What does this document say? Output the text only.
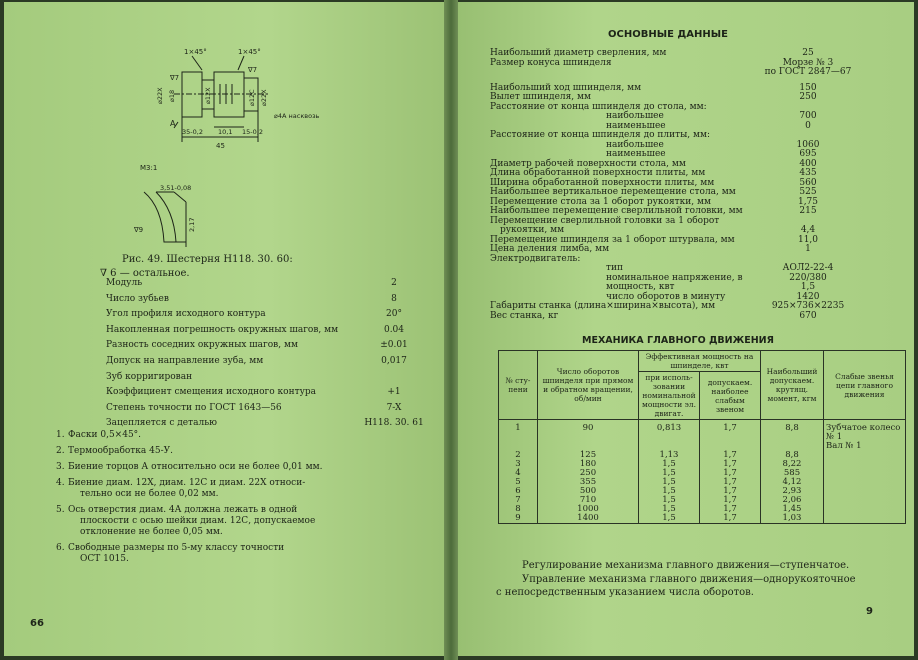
1×45°	1×45°
∇7
∇7
⌀22X ⌀18	⌀12X	⌀12C ⌀22X
A
35-0,2 10,1 15-0,2
45
⌀4A насквозь
M3:1
3,51-0,08
2,17
∇9
Рис. 49. Шестерня Н118. 30. 60:
∇ 6 — остальное.
Модуль	2
Число зубьев	8
Угол профиля исходного контура	20°
Накопленная погрешность окружных шагов, мм	0.04
Разность соседних окружных шагов, мм	±0.01
Допуск на направление зуба, мм	0,017
Зуб корригирован
Коэффициент смещения исходного контура	+1
Степень точности по ГОСТ 1643—56	7-X
Зацепляется с деталью	Н118. 30. 61
1. Фаски 0,5×45°.
2. Термообработка 45-У.
3. Биение торцов А относительно оси не более 0,01 мм.
4. Биение диам. 12X, диам. 12C и диам. 22X относи-
тельно оси не более 0,02 мм.
5. Ось отверстия диам. 4А должна лежать в одной
плоскости с осью шейки диам. 12С, допускаемое
отклонение не более 0,05 мм.
6. Свободные размеры по 5-му классу точности
ОСТ 1015.
66
ОСНОВНЫЕ ДАННЫЕ
Наибольший диаметр сверления, мм	25
Размер конуса шпинделя	Морзе № 3
по ГОСТ 2847—67
Наибольший ход шпинделя, мм	150
Вылет шпинделя, мм	250
Расстояние от конца шпинделя до стола, мм:
наибольшее	700
наименьшее	0
Расстояние от конца шпинделя до плиты, мм:
наибольшее	1060
наименьшее	695
Диаметр рабочей поверхности стола, мм	400
Длина обработанной поверхности плиты, мм	435
Ширина обработанной поверхности плиты, мм	560
Наибольшее вертикальное перемещение стола, мм	525
Перемещение стола за 1 оборот рукоятки, мм	1,75
Наибольшее перемещение сверлильной головки, мм	215
Перемещение сверлильной головки за 1 оборот
рукоятки, мм	4,4
Перемещение шпинделя за 1 оборот штурвала, мм	11,0
Цена деления лимба, мм	1
Электродвигатель:
тип	АОЛ2-22-4
номинальное напряжение, в	220/380
мощность, квт	1,5
число оборотов в минуту	1420
Габариты станка (длина×ширина×высота), мм	925×736×2235
Вес станка, кг	670
МЕХАНИКА ГЛАВНОГО ДВИЖЕНИЯ
№ сту-пени	Число оборотов шпинделя при прямом и обратном вращении, об/мин	Эффективная мощность на шпинделе, квт		Наибольший допускаем. крутящ. момент, кгм	Слабые звенья цепи главного движения
		при исполь-зовании номинальной мощности эл. двигат.	допускаем. наиболее слабым звеном		
1	90	0,813	1,7	8,8	Зубчатое колесо № 1
Вал № 1

2	125	1,13	1,7	8,8	

3	180	1,5	1,7	8,22	

4	250	1,5	1,7	585	

5	355	1,5	1,7	4,12	

6	500	1,5	1,7	2,93	

7	710	1,5	1,7	2,06	

8	1000	1,5	1,7	1,45	

9	1400	1,5	1,7	1,03	
Регулирование механизма главного движения—ступенчатое.
Управление механизма главного движения—однорукояточное
с непосредственным указанием числа оборотов.
9
